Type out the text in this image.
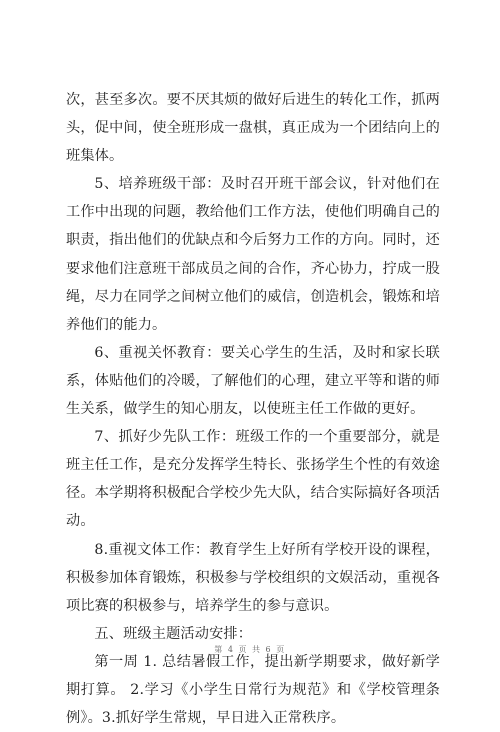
次，甚至多次。要不厌其烦的做好后进生的转化工作，抓两头，促中间，使全班形成一盘棋，真正成为一个团结向上的班集体。

5、培养班级干部：及时召开班干部会议，针对他们在工作中出现的问题，教给他们工作方法，使他们明确自己的职责，指出他们的优缺点和今后努力工作的方向。同时，还要求他们注意班干部成员之间的合作，齐心协力，拧成一股绳，尽力在同学之间树立他们的威信，创造机会，锻炼和培养他们的能力。

6、重视关怀教育：要关心学生的生活，及时和家长联系，体贴他们的冷暖，了解他们的心理，建立平等和谐的师生关系，做学生的知心朋友，以使班主任工作做的更好。

7、抓好少先队工作：班级工作的一个重要部分，就是班主任工作，是充分发挥学生特长、张扬学生个性的有效途径。本学期将积极配合学校少先大队，结合实际搞好各项活动。

8.重视文体工作：教育学生上好所有学校开设的课程，积极参加体育锻炼，积极参与学校组织的文娱活动，重视各项比赛的积极参与，培养学生的参与意识。

五、班级主题活动安排：

第一周 1. 总结暑假工作，提出新学期要求，做好新学期打算。 2.学习《小学生日常行为规范》和《学校管理条例》。3.抓好学生常规，早日进入正常秩序。

第 4 页 共 6 页
